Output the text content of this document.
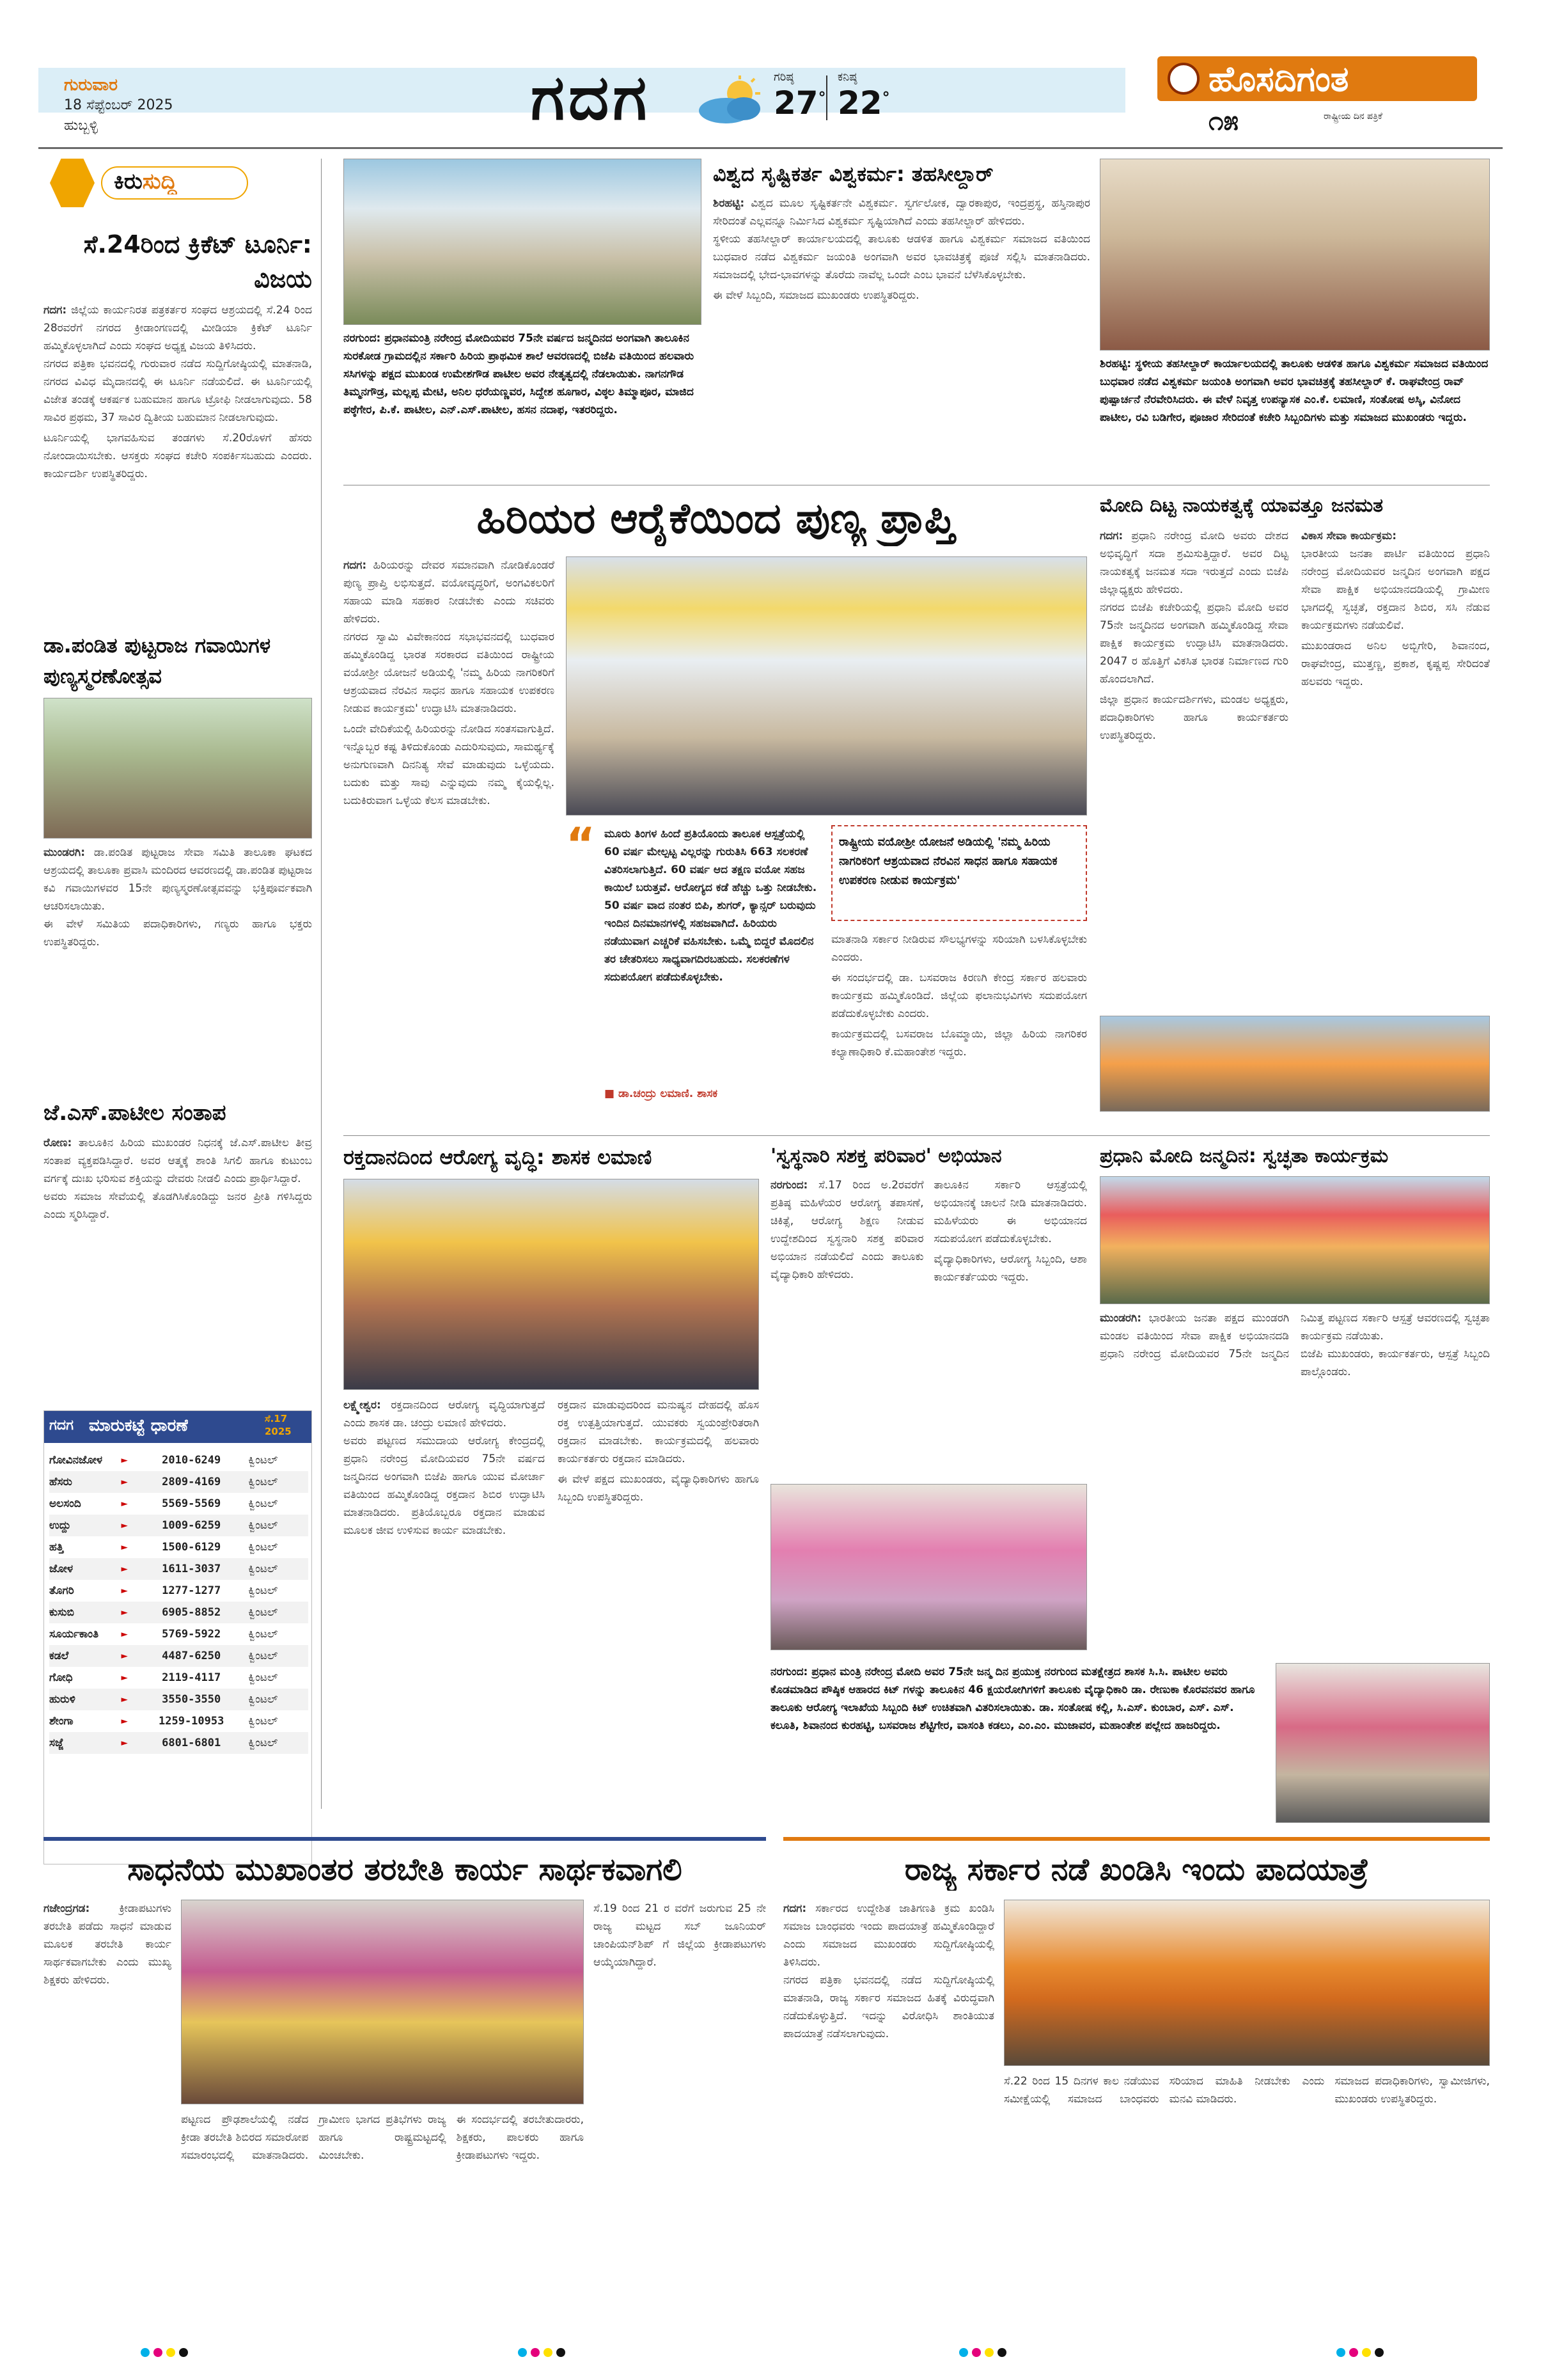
ಗುರುವಾರ
18 ಸೆಪ್ಟೆಂಬರ್ 2025
ಹುಬ್ಬಳ್ಳಿ	ಗದಗ	ಗರಿಷ್ಠ
27°
ಕನಿಷ್ಠ
22°	ಹೊಸದಿಗಂತ
ರಾಷ್ಟ್ರೀಯ ದಿನ ಪತ್ರಿಕೆ
೧೫
ಕಿರುಸುದ್ದಿ
ಸೆ.24ರಿಂದ ಕ್ರಿಕೆಟ್ ಟೂರ್ನಿ: ವಿಜಯ
ಗದಗ: ಜಿಲ್ಲೆಯ ಕಾರ್ಯನಿರತ ಪತ್ರಕರ್ತರ ಸಂಘದ ಆಶ್ರಯದಲ್ಲಿ ಸೆ.24 ರಿಂದ 28ರವರೆಗೆ ನಗರದ ಕ್ರೀಡಾಂಗಣದಲ್ಲಿ ಮೀಡಿಯಾ ಕ್ರಿಕೆಟ್ ಟೂರ್ನಿ ಹಮ್ಮಿಕೊಳ್ಳಲಾಗಿದೆ ಎಂದು ಸಂಘದ ಅಧ್ಯಕ್ಷ ವಿಜಯ ತಿಳಿಸಿದರು.

ನಗರದ ಪತ್ರಿಕಾ ಭವನದಲ್ಲಿ ಗುರುವಾರ ನಡೆದ ಸುದ್ದಿಗೋಷ್ಠಿಯಲ್ಲಿ ಮಾತನಾಡಿ, ನಗರದ ವಿವಿಧ ಮೈದಾನದಲ್ಲಿ ಈ ಟೂರ್ನಿ ನಡೆಯಲಿದೆ. ಈ ಟೂರ್ನಿಯಲ್ಲಿ ವಿಜೇತ ತಂಡಕ್ಕೆ ಆಕರ್ಷಕ ಬಹುಮಾನ ಹಾಗೂ ಟ್ರೋಫಿ ನೀಡಲಾಗುವುದು. 58 ಸಾವಿರ ಪ್ರಥಮ, 37 ಸಾವಿರ ದ್ವಿತೀಯ ಬಹುಮಾನ ನೀಡಲಾಗುವುದು.

ಟೂರ್ನಿಯಲ್ಲಿ ಭಾಗವಹಿಸುವ ತಂಡಗಳು ಸೆ.20ರೊಳಗೆ ಹೆಸರು ನೋಂದಾಯಿಸಬೇಕು. ಆಸಕ್ತರು ಸಂಘದ ಕಚೇರಿ ಸಂಪರ್ಕಿಸಬಹುದು ಎಂದರು. ಕಾರ್ಯದರ್ಶಿ ಉಪಸ್ಥಿತರಿದ್ದರು.

ಡಾ.ಪಂಡಿತ ಪುಟ್ಟರಾಜ ಗವಾಯಿಗಳ ಪುಣ್ಯಸ್ಮರಣೋತ್ಸವ
ಮುಂಡರಗಿ: ಡಾ.ಪಂಡಿತ ಪುಟ್ಟರಾಜ ಸೇವಾ ಸಮಿತಿ ತಾಲೂಕಾ ಘಟಕದ ಆಶ್ರಯದಲ್ಲಿ ತಾಲೂಕಾ ಪ್ರವಾಸಿ ಮಂದಿರದ ಆವರಣದಲ್ಲಿ ಡಾ.ಪಂಡಿತ ಪುಟ್ಟರಾಜ ಕವಿ ಗವಾಯಿಗಳವರ 15ನೇ ಪುಣ್ಯಸ್ಮರಣೋತ್ಸವವನ್ನು ಭಕ್ತಿಪೂರ್ವಕವಾಗಿ ಆಚರಿಸಲಾಯಿತು.

ಈ ವೇಳೆ ಸಮಿತಿಯ ಪದಾಧಿಕಾರಿಗಳು, ಗಣ್ಯರು ಹಾಗೂ ಭಕ್ತರು ಉಪಸ್ಥಿತರಿದ್ದರು.

ಜೆ.ಎಸ್.ಪಾಟೀಲ ಸಂತಾಪ
ರೋಣ: ತಾಲೂಕಿನ ಹಿರಿಯ ಮುಖಂಡರ ನಿಧನಕ್ಕೆ ಜೆ.ಎಸ್.ಪಾಟೀಲ ತೀವ್ರ ಸಂತಾಪ ವ್ಯಕ್ತಪಡಿಸಿದ್ದಾರೆ. ಅವರ ಆತ್ಮಕ್ಕೆ ಶಾಂತಿ ಸಿಗಲಿ ಹಾಗೂ ಕುಟುಂಬ ವರ್ಗಕ್ಕೆ ದುಃಖ ಭರಿಸುವ ಶಕ್ತಿಯನ್ನು ದೇವರು ನೀಡಲಿ ಎಂದು ಪ್ರಾರ್ಥಿಸಿದ್ದಾರೆ.

ಅವರು ಸಮಾಜ ಸೇವೆಯಲ್ಲಿ ತೊಡಗಿಸಿಕೊಂಡಿದ್ದು ಜನರ ಪ್ರೀತಿ ಗಳಿಸಿದ್ದರು ಎಂದು ಸ್ಮರಿಸಿದ್ದಾರೆ.

ಗದಗ ಮಾರುಕಟ್ಟೆ ಧಾರಣೆ	ಸೆ.17 2025
ಗೋವಿನಜೋಳ	►	2010-6249	ಕ್ವಿಂಟಲ್
ಹೆಸರು	►	2809-4169	ಕ್ವಿಂಟಲ್
ಅಲಸಂದಿ	►	5569-5569	ಕ್ವಿಂಟಲ್
ಉದ್ದು	►	1009-6259	ಕ್ವಿಂಟಲ್
ಹತ್ತಿ	►	1500-6129	ಕ್ವಿಂಟಲ್
ಜೋಳ	►	1611-3037	ಕ್ವಿಂಟಲ್
ತೊಗರಿ	►	1277-1277	ಕ್ವಿಂಟಲ್
ಕುಸುಬಿ	►	6905-8852	ಕ್ವಿಂಟಲ್
ಸೂರ್ಯಕಾಂತಿ	►	5769-5922	ಕ್ವಿಂಟಲ್
ಕಡಲೆ	►	4487-6250	ಕ್ವಿಂಟಲ್
ಗೋಧಿ	►	2119-4117	ಕ್ವಿಂಟಲ್
ಹುರುಳಿ	►	3550-3550	ಕ್ವಿಂಟಲ್
ಶೇಂಗಾ	►	1259-10953	ಕ್ವಿಂಟಲ್
ಸಜ್ಜೆ	►	6801-6801	ಕ್ವಿಂಟಲ್
ನರಗುಂದ: ಪ್ರಧಾನಮಂತ್ರಿ ನರೇಂದ್ರ ಮೋದಿಯವರ 75ನೇ ವರ್ಷದ ಜನ್ಮದಿನದ ಅಂಗವಾಗಿ ತಾಲೂಕಿನ ಸುರಕೋಡ ಗ್ರಾಮದಲ್ಲಿನ ಸರ್ಕಾರಿ ಹಿರಿಯ ಪ್ರಾಥಮಿಕ ಶಾಲೆ ಆವರಣದಲ್ಲಿ ಬಿಜೆಪಿ ವತಿಯಿಂದ ಹಲವಾರು ಸಸಿಗಳನ್ನು ಪಕ್ಷದ ಮುಖಂಡ ಉಮೇಶಗೌಡ ಪಾಟೀಲ ಅವರ ನೇತೃತ್ವದಲ್ಲಿ ನೆಡಲಾಯಿತು. ನಾಗನಗೌಡ ತಿಮ್ಮನಗೌಡ್ರ, ಮಲ್ಲಪ್ಪ ಮೇಟಿ, ಅನಿಲ ಧರೆಯಣ್ಣವರ, ಸಿದ್ದೇಶ ಹೂಗಾರ, ವಿಠ್ಠಲ ತಿಮ್ಮಾಪೂರ, ಮಾಜಿದ ಪಠ್ಠೆಗೇರ, ಪಿ.ಕೆ. ಪಾಟೀಲ, ಎನ್.ಎಸ್.ಪಾಟೀಲ, ಹಸನ ನದಾಫ, ಇತರರಿದ್ದರು.
ವಿಶ್ವದ ಸೃಷ್ಟಿಕರ್ತ ವಿಶ್ವಕರ್ಮ: ತಹಸೀಲ್ದಾರ್
ಶಿರಹಟ್ಟಿ: ವಿಶ್ವದ ಮೂಲ ಸೃಷ್ಟಿಕರ್ತನೇ ವಿಶ್ವಕರ್ಮ. ಸ್ವರ್ಗಲೋಕ, ದ್ವಾರಕಾಪುರ, ಇಂದ್ರಪ್ರಸ್ಥ, ಹಸ್ತಿನಾಪುರ ಸೇರಿದಂತೆ ಎಲ್ಲವನ್ನೂ ನಿರ್ಮಿಸಿದ ವಿಶ್ವಕರ್ಮ ಸೃಷ್ಟಿಯಾಗಿದೆ ಎಂದು ತಹಸೀಲ್ದಾರ್ ಹೇಳಿದರು.

ಸ್ಥಳೀಯ ತಹಸೀಲ್ದಾರ್ ಕಾರ್ಯಾಲಯದಲ್ಲಿ ತಾಲೂಕು ಆಡಳಿತ ಹಾಗೂ ವಿಶ್ವಕರ್ಮ ಸಮಾಜದ ವತಿಯಿಂದ ಬುಧವಾರ ನಡೆದ ವಿಶ್ವಕರ್ಮ ಜಯಂತಿ ಅಂಗವಾಗಿ ಅವರ ಭಾವಚಿತ್ರಕ್ಕೆ ಪೂಜೆ ಸಲ್ಲಿಸಿ ಮಾತನಾಡಿದರು. ಸಮಾಜದಲ್ಲಿ ಭೇದ-ಭಾವಗಳನ್ನು ತೊರೆದು ನಾವೆಲ್ಲ ಒಂದೇ ಎಂಬ ಭಾವನೆ ಬೆಳೆಸಿಕೊಳ್ಳಬೇಕು.

ಈ ವೇಳೆ ಸಿಬ್ಬಂದಿ, ಸಮಾಜದ ಮುಖಂಡರು ಉಪಸ್ಥಿತರಿದ್ದರು.

ಶಿರಹಟ್ಟಿ: ಸ್ಥಳೀಯ ತಹಸೀಲ್ದಾರ್ ಕಾರ್ಯಾಲಯದಲ್ಲಿ ತಾಲೂಕು ಆಡಳಿತ ಹಾಗೂ ವಿಶ್ವಕರ್ಮ ಸಮಾಜದ ವತಿಯಿಂದ ಬುಧವಾರ ನಡೆದ ವಿಶ್ವಕರ್ಮ ಜಯಂತಿ ಅಂಗವಾಗಿ ಅವರ ಭಾವಚಿತ್ರಕ್ಕೆ ತಹಸೀಲ್ದಾರ್ ಕೆ. ರಾಘವೇಂದ್ರ ರಾವ್ ಪುಷ್ಪಾರ್ಚನೆ ನೆರವೇರಿಸಿದರು. ಈ ವೇಳೆ ನಿವೃತ್ತ ಉಪನ್ಯಾಸಕ ಎಂ.ಕೆ. ಲಮಾಣಿ, ಸಂತೋಷ ಅಸ್ಕಿ, ವಿನೋದ ಪಾಟೀಲ, ರವಿ ಬಡಿಗೇರ, ಪೂಜಾರ ಸೇರಿದಂತೆ ಕಚೇರಿ ಸಿಬ್ಬಂದಿಗಳು ಮತ್ತು ಸಮಾಜದ ಮುಖಂಡರು ಇದ್ದರು.
ಹಿರಿಯರ ಆರೈಕೆಯಿಂದ ಪುಣ್ಯ ಪ್ರಾಪ್ತಿ
ಗದಗ: ಹಿರಿಯರನ್ನು ದೇವರ ಸಮಾನವಾಗಿ ನೋಡಿಕೊಂಡರೆ ಪುಣ್ಯ ಪ್ರಾಪ್ತಿ ಲಭಿಸುತ್ತದೆ. ವಯೋವೃದ್ಧರಿಗೆ, ಅಂಗವಿಕಲರಿಗೆ ಸಹಾಯ ಮಾಡಿ ಸಹಕಾರ ನೀಡಬೇಕು ಎಂದು ಸಚಿವರು ಹೇಳಿದರು.

ನಗರದ ಸ್ವಾಮಿ ವಿವೇಕಾನಂದ ಸಭಾಭವನದಲ್ಲಿ ಬುಧವಾರ ಹಮ್ಮಿಕೊಂಡಿದ್ದ ಭಾರತ ಸರಕಾರದ ವತಿಯಿಂದ ರಾಷ್ಟ್ರೀಯ ವಯೋಶ್ರೀ ಯೋಜನೆ ಅಡಿಯಲ್ಲಿ 'ನಮ್ಮ ಹಿರಿಯ ನಾಗರಿಕರಿಗೆ ಆಶ್ರಯವಾದ ನೆರವಿನ ಸಾಧನ ಹಾಗೂ ಸಹಾಯಕ ಉಪಕರಣ ನೀಡುವ ಕಾರ್ಯಕ್ರಮ' ಉದ್ಘಾಟಿಸಿ ಮಾತನಾಡಿದರು.

ಒಂದೇ ವೇದಿಕೆಯಲ್ಲಿ ಹಿರಿಯರನ್ನು ನೋಡಿದ ಸಂತಸವಾಗುತ್ತಿದೆ. ಇನ್ನೊಬ್ಬರ ಕಷ್ಟ ತಿಳಿದುಕೊಂಡು ಎದುರಿಸುವುದು, ಸಾಮರ್ಥ್ಯಕ್ಕೆ ಅನುಗುಣವಾಗಿ ದಿನನಿತ್ಯ ಸೇವೆ ಮಾಡುವುದು ಒಳ್ಳೆಯದು. ಬದುಕು ಮತ್ತು ಸಾವು ಎನ್ನುವುದು ನಮ್ಮ ಕೈಯಲ್ಲಿಲ್ಲ. ಬದುಕಿರುವಾಗ ಒಳ್ಳೆಯ ಕೆಲಸ ಮಾಡಬೇಕು.

“ ಮೂರು ತಿಂಗಳ ಹಿಂದೆ ಪ್ರತಿಯೊಂದು ತಾಲೂಕ ಆಸ್ಪತ್ರೆಯಲ್ಲಿ 60 ವರ್ಷ ಮೇಲ್ಪಟ್ಟ ವಿಲ್ಲರನ್ನು ಗುರುತಿಸಿ 663 ಸಲಕರಣೆ ವಿತರಿಸಲಾಗುತ್ತಿದೆ. 60 ವರ್ಷ ಆದ ತಕ್ಷಣ ವಯೋ ಸಹಜ ಕಾಯಿಲೆ ಬರುತ್ತವೆ. ಆರೋಗ್ಯದ ಕಡೆ ಹೆಚ್ಚು ಒತ್ತು ನೀಡಬೇಕು. 50 ವರ್ಷ ವಾದ ನಂತರ ಬಿಪಿ, ಶುಗರ್, ಕ್ಯಾನ್ಸರ್ ಬರುವುದು ಇಂದಿನ ದಿನಮಾನಗಳಲ್ಲಿ ಸಹಜವಾಗಿದೆ. ಹಿರಿಯರು ನಡೆಯುವಾಗ ಎಚ್ಚರಿಕೆ ವಹಿಸಬೇಕು. ಒಮ್ಮೆ ಬಿದ್ದರೆ ಮೊದಲಿನ ತರ ಚೇತರಿಸಲು ಸಾಧ್ಯವಾಗದಿರಬಹುದು. ಸಲಕರಣೆಗಳ ಸದುಪಯೋಗ ಪಡೆದುಕೊಳ್ಳಬೇಕು.
■ ಡಾ.ಚಂದ್ರು ಲಮಾಣಿ. ಶಾಸಕ
ರಾಷ್ಟ್ರೀಯ ವಯೋಶ್ರೀ ಯೋಜನೆ ಅಡಿಯಲ್ಲಿ 'ನಮ್ಮ ಹಿರಿಯ ನಾಗರಿಕರಿಗೆ ಆಶ್ರಯವಾದ ನೆರವಿನ ಸಾಧನ ಹಾಗೂ ಸಹಾಯಕ ಉಪಕರಣ ನೀಡುವ ಕಾರ್ಯಕ್ರಮ'

ಮಾತನಾಡಿ ಸರ್ಕಾರ ನೀಡಿರುವ ಸೌಲಭ್ಯಗಳನ್ನು ಸರಿಯಾಗಿ ಬಳಸಿಕೊಳ್ಳಬೇಕು ಎಂದರು.

ಈ ಸಂದರ್ಭದಲ್ಲಿ ಡಾ. ಬಸವರಾಜ ಕಿರಣಗಿ ಕೇಂದ್ರ ಸರ್ಕಾರ ಹಲವಾರು ಕಾರ್ಯಕ್ರಮ ಹಮ್ಮಿಕೊಂಡಿದೆ. ಜಿಲ್ಲೆಯ ಫಲಾನುಭವಿಗಳು ಸದುಪಯೋಗ ಪಡೆದುಕೊಳ್ಳಬೇಕು ಎಂದರು.

ಕಾರ್ಯಕ್ರಮದಲ್ಲಿ ಬಸವರಾಜ ಬೊಮ್ಮಾಯಿ, ಜಿಲ್ಲಾ ಹಿರಿಯ ನಾಗರಿಕರ ಕಲ್ಯಾಣಾಧಿಕಾರಿ ಕೆ.ಮಹಾಂತೇಶ ಇದ್ದರು.

ಮೋದಿ ದಿಟ್ಟ ನಾಯಕತ್ವಕ್ಕೆ ಯಾವತ್ತೂ ಜನಮತ
ಗದಗ: ಪ್ರಧಾನಿ ನರೇಂದ್ರ ಮೋದಿ ಅವರು ದೇಶದ ಅಭಿವೃದ್ಧಿಗೆ ಸದಾ ಶ್ರಮಿಸುತ್ತಿದ್ದಾರೆ. ಅವರ ದಿಟ್ಟ ನಾಯಕತ್ವಕ್ಕೆ ಜನಮತ ಸದಾ ಇರುತ್ತದೆ ಎಂದು ಬಿಜೆಪಿ ಜಿಲ್ಲಾಧ್ಯಕ್ಷರು ಹೇಳಿದರು.

ನಗರದ ಬಿಜೆಪಿ ಕಚೇರಿಯಲ್ಲಿ ಪ್ರಧಾನಿ ಮೋದಿ ಅವರ 75ನೇ ಜನ್ಮದಿನದ ಅಂಗವಾಗಿ ಹಮ್ಮಿಕೊಂಡಿದ್ದ ಸೇವಾ ಪಾಕ್ಷಿಕ ಕಾರ್ಯಕ್ರಮ ಉದ್ಘಾಟಿಸಿ ಮಾತನಾಡಿದರು. 2047 ರ ಹೊತ್ತಿಗೆ ವಿಕಸಿತ ಭಾರತ ನಿರ್ಮಾಣದ ಗುರಿ ಹೊಂದಲಾಗಿದೆ.

ಜಿಲ್ಲಾ ಪ್ರಧಾನ ಕಾರ್ಯದರ್ಶಿಗಳು, ಮಂಡಲ ಅಧ್ಯಕ್ಷರು, ಪದಾಧಿಕಾರಿಗಳು ಹಾಗೂ ಕಾರ್ಯಕರ್ತರು ಉಪಸ್ಥಿತರಿದ್ದರು.

ವಿಕಾಸ ಸೇವಾ ಕಾರ್ಯಕ್ರಮ:

ಭಾರತೀಯ ಜನತಾ ಪಾರ್ಟಿ ವತಿಯಿಂದ ಪ್ರಧಾನಿ ನರೇಂದ್ರ ಮೋದಿಯವರ ಜನ್ಮದಿನ ಅಂಗವಾಗಿ ಪಕ್ಷದ ಸೇವಾ ಪಾಕ್ಷಿಕ ಅಭಿಯಾನದಡಿಯಲ್ಲಿ ಗ್ರಾಮೀಣ ಭಾಗದಲ್ಲಿ ಸ್ವಚ್ಛತೆ, ರಕ್ತದಾನ ಶಿಬಿರ, ಸಸಿ ನೆಡುವ ಕಾರ್ಯಕ್ರಮಗಳು ನಡೆಯಲಿವೆ.

ಮುಖಂಡರಾದ ಅನಿಲ ಅಬ್ಬಿಗೇರಿ, ಶಿವಾನಂದ, ರಾಘವೇಂದ್ರ, ಮುತ್ತಣ್ಣ, ಪ್ರಕಾಶ, ಕೃಷ್ಣಪ್ಪ ಸೇರಿದಂತೆ ಹಲವರು ಇದ್ದರು.

ರಕ್ತದಾನದಿಂದ ಆರೋಗ್ಯ ವೃದ್ಧಿ: ಶಾಸಕ ಲಮಾಣಿ
ಲಕ್ಷ್ಮೇಶ್ವರ: ರಕ್ತದಾನದಿಂದ ಆರೋಗ್ಯ ವೃದ್ಧಿಯಾಗುತ್ತದೆ ಎಂದು ಶಾಸಕ ಡಾ. ಚಂದ್ರು ಲಮಾಣಿ ಹೇಳಿದರು.

ಅವರು ಪಟ್ಟಣದ ಸಮುದಾಯ ಆರೋಗ್ಯ ಕೇಂದ್ರದಲ್ಲಿ ಪ್ರಧಾನಿ ನರೇಂದ್ರ ಮೋದಿಯವರ 75ನೇ ವರ್ಷದ ಜನ್ಮದಿನದ ಅಂಗವಾಗಿ ಬಿಜೆಪಿ ಹಾಗೂ ಯುವ ಮೋರ್ಚಾ ವತಿಯಿಂದ ಹಮ್ಮಿಕೊಂಡಿದ್ದ ರಕ್ತದಾನ ಶಿಬಿರ ಉದ್ಘಾಟಿಸಿ ಮಾತನಾಡಿದರು. ಪ್ರತಿಯೊಬ್ಬರೂ ರಕ್ತದಾನ ಮಾಡುವ ಮೂಲಕ ಜೀವ ಉಳಿಸುವ ಕಾರ್ಯ ಮಾಡಬೇಕು.

ರಕ್ತದಾನ ಮಾಡುವುದರಿಂದ ಮನುಷ್ಯನ ದೇಹದಲ್ಲಿ ಹೊಸ ರಕ್ತ ಉತ್ಪತ್ತಿಯಾಗುತ್ತದೆ. ಯುವಕರು ಸ್ವಯಂಪ್ರೇರಿತರಾಗಿ ರಕ್ತದಾನ ಮಾಡಬೇಕು. ಕಾರ್ಯಕ್ರಮದಲ್ಲಿ ಹಲವಾರು ಕಾರ್ಯಕರ್ತರು ರಕ್ತದಾನ ಮಾಡಿದರು.

ಈ ವೇಳೆ ಪಕ್ಷದ ಮುಖಂಡರು, ವೈದ್ಯಾಧಿಕಾರಿಗಳು ಹಾಗೂ ಸಿಬ್ಬಂದಿ ಉಪಸ್ಥಿತರಿದ್ದರು.

'ಸ್ವಸ್ಥನಾರಿ ಸಶಕ್ತ ಪರಿವಾರ' ಅಭಿಯಾನ
ನರಗುಂದ: ಸೆ.17 ರಿಂದ ಅ.2ರವರೆಗೆ ಪ್ರತಿಷ್ಠ ಮಹಿಳೆಯರ ಆರೋಗ್ಯ ತಪಾಸಣೆ, ಚಿಕಿತ್ಸೆ, ಆರೋಗ್ಯ ಶಿಕ್ಷಣ ನೀಡುವ ಉದ್ದೇಶದಿಂದ ಸ್ವಸ್ಥನಾರಿ ಸಶಕ್ತ ಪರಿವಾರ ಅಭಿಯಾನ ನಡೆಯಲಿದೆ ಎಂದು ತಾಲೂಕು ವೈದ್ಯಾಧಿಕಾರಿ ಹೇಳಿದರು.

ತಾಲೂಕಿನ ಸರ್ಕಾರಿ ಆಸ್ಪತ್ರೆಯಲ್ಲಿ ಅಭಿಯಾನಕ್ಕೆ ಚಾಲನೆ ನೀಡಿ ಮಾತನಾಡಿದರು. ಮಹಿಳೆಯರು ಈ ಅಭಿಯಾನದ ಸದುಪಯೋಗ ಪಡೆದುಕೊಳ್ಳಬೇಕು.

ವೈದ್ಯಾಧಿಕಾರಿಗಳು, ಆರೋಗ್ಯ ಸಿಬ್ಬಂದಿ, ಆಶಾ ಕಾರ್ಯಕರ್ತೆಯರು ಇದ್ದರು.

ಪ್ರಧಾನಿ ಮೋದಿ ಜನ್ಮದಿನ: ಸ್ವಚ್ಛತಾ ಕಾರ್ಯಕ್ರಮ
ಮುಂಡರಗಿ: ಭಾರತೀಯ ಜನತಾ ಪಕ್ಷದ ಮುಂಡರಗಿ ಮಂಡಲ ವತಿಯಿಂದ ಸೇವಾ ಪಾಕ್ಷಿಕ ಅಭಿಯಾನದಡಿ ಪ್ರಧಾನಿ ನರೇಂದ್ರ ಮೋದಿಯವರ 75ನೇ ಜನ್ಮದಿನ ನಿಮಿತ್ತ ಪಟ್ಟಣದ ಸರ್ಕಾರಿ ಆಸ್ಪತ್ರೆ ಆವರಣದಲ್ಲಿ ಸ್ವಚ್ಛತಾ ಕಾರ್ಯಕ್ರಮ ನಡೆಯಿತು.

ಬಿಜೆಪಿ ಮುಖಂಡರು, ಕಾರ್ಯಕರ್ತರು, ಆಸ್ಪತ್ರೆ ಸಿಬ್ಬಂದಿ ಪಾಲ್ಗೊಂಡರು.

ನರಗುಂದ: ಪ್ರಧಾನ ಮಂತ್ರಿ ನರೇಂದ್ರ ಮೋದಿ ಅವರ 75ನೇ ಜನ್ಮ ದಿನ ಪ್ರಯುಕ್ತ ನರಗುಂದ ಮತಕ್ಷೇತ್ರದ ಶಾಸಕ ಸಿ.ಸಿ. ಪಾಟೀಲ ಅವರು ಕೊಡಮಾಡಿದ ಪೌಷ್ಠಿಕ ಆಹಾರದ ಕಿಟ್ ಗಳನ್ನು ತಾಲೂಕಿನ 46 ಕ್ಷಯರೋಗಿಗಳಿಗೆ ತಾಲೂಕು ವೈದ್ಯಾಧಿಕಾರಿ ಡಾ. ರೇಣುಕಾ ಕೊರವನವರ ಹಾಗೂ ತಾಲೂಕು ಆರೋಗ್ಯ ಇಲಾಖೆಯ ಸಿಬ್ಬಂದಿ ಕಿಟ್ ಉಚಿತವಾಗಿ ವಿತರಿಸಲಾಯಿತು. ಡಾ. ಸಂತೋಷ ಕಲ್ಲಿ, ಸಿ.ಎಸ್. ಕುಂಬಾರ, ಎಸ್. ಎಸ್. ಕಲೂತಿ, ಶಿವಾನಂದ ಕುರಹಟ್ಟಿ, ಬಸವರಾಜ ಶೆಟ್ಟಿಗೇರ, ವಾಸಂತಿ ಕಡಲು, ಎಂ.ಎಂ. ಮುಜಾವರ, ಮಹಾಂತೇಶ ಪಲ್ಲೇದ ಹಾಜರಿದ್ದರು.
ಸಾಧನೆಯ ಮುಖಾಂತರ ತರಬೇತಿ ಕಾರ್ಯ ಸಾರ್ಥಕವಾಗಲಿ
ಗಜೇಂದ್ರಗಡ:	ಕ್ರೀಡಾಪಟುಗಳು ತರಬೇತಿ ಪಡೆದು ಸಾಧನೆ ಮಾಡುವ ಮೂಲಕ ತರಬೇತಿ ಕಾರ್ಯ ಸಾರ್ಥಕವಾಗಬೇಕು ಎಂದು ಮುಖ್ಯ ಶಿಕ್ಷಕರು ಹೇಳಿದರು.

ಪಟ್ಟಣದ ಪ್ರೌಢಶಾಲೆಯಲ್ಲಿ ನಡೆದ ಕ್ರೀಡಾ ತರಬೇತಿ ಶಿಬಿರದ ಸಮಾರೋಪ ಸಮಾರಂಭದಲ್ಲಿ ಮಾತನಾಡಿದರು. ಗ್ರಾಮೀಣ ಭಾಗದ ಪ್ರತಿಭೆಗಳು ರಾಜ್ಯ ಹಾಗೂ ರಾಷ್ಟ್ರಮಟ್ಟದಲ್ಲಿ ಮಿಂಚಬೇಕು.

ಈ ಸಂದರ್ಭದಲ್ಲಿ ತರಬೇತುದಾರರು, ಶಿಕ್ಷಕರು, ಪಾಲಕರು ಹಾಗೂ ಕ್ರೀಡಾಪಟುಗಳು ಇದ್ದರು.

ಸೆ.19 ರಿಂದ 21 ರ ವರೆಗೆ ಜರುಗುವ 25 ನೇ ರಾಜ್ಯ ಮಟ್ಟದ ಸಬ್ ಜೂನಿಯರ್ ಚಾಂಪಿಯನ್‌ಶಿಪ್ ಗೆ ಜಿಲ್ಲೆಯ ಕ್ರೀಡಾಪಟುಗಳು ಆಯ್ಕೆಯಾಗಿದ್ದಾರೆ.

ರಾಜ್ಯ ಸರ್ಕಾರ ನಡೆ ಖಂಡಿಸಿ ಇಂದು ಪಾದಯಾತ್ರೆ
ಗದಗ: ಸರ್ಕಾರದ ಉದ್ದೇಶಿತ ಜಾತಿಗಣತಿ ಕ್ರಮ ಖಂಡಿಸಿ ಸಮಾಜ ಬಾಂಧವರು ಇಂದು ಪಾದಯಾತ್ರೆ ಹಮ್ಮಿಕೊಂಡಿದ್ದಾರೆ ಎಂದು ಸಮಾಜದ ಮುಖಂಡರು ಸುದ್ದಿಗೋಷ್ಠಿಯಲ್ಲಿ ತಿಳಿಸಿದರು.

ನಗರದ ಪತ್ರಿಕಾ ಭವನದಲ್ಲಿ ನಡೆದ ಸುದ್ದಿಗೋಷ್ಠಿಯಲ್ಲಿ ಮಾತನಾಡಿ, ರಾಜ್ಯ ಸರ್ಕಾರ ಸಮಾಜದ ಹಿತಕ್ಕೆ ವಿರುದ್ಧವಾಗಿ ನಡೆದುಕೊಳ್ಳುತ್ತಿದೆ. ಇದನ್ನು ವಿರೋಧಿಸಿ ಶಾಂತಿಯುತ ಪಾದಯಾತ್ರೆ ನಡೆಸಲಾಗುವುದು.

ಸೆ.22 ರಿಂದ 15 ದಿನಗಳ ಕಾಲ ನಡೆಯುವ ಸಮೀಕ್ಷೆಯಲ್ಲಿ ಸಮಾಜದ ಬಾಂಧವರು ಸರಿಯಾದ ಮಾಹಿತಿ ನೀಡಬೇಕು ಎಂದು ಮನವಿ ಮಾಡಿದರು.

ಸಮಾಜದ ಪದಾಧಿಕಾರಿಗಳು, ಸ್ವಾಮೀಜಿಗಳು, ಮುಖಂಡರು ಉಪಸ್ಥಿತರಿದ್ದರು.
